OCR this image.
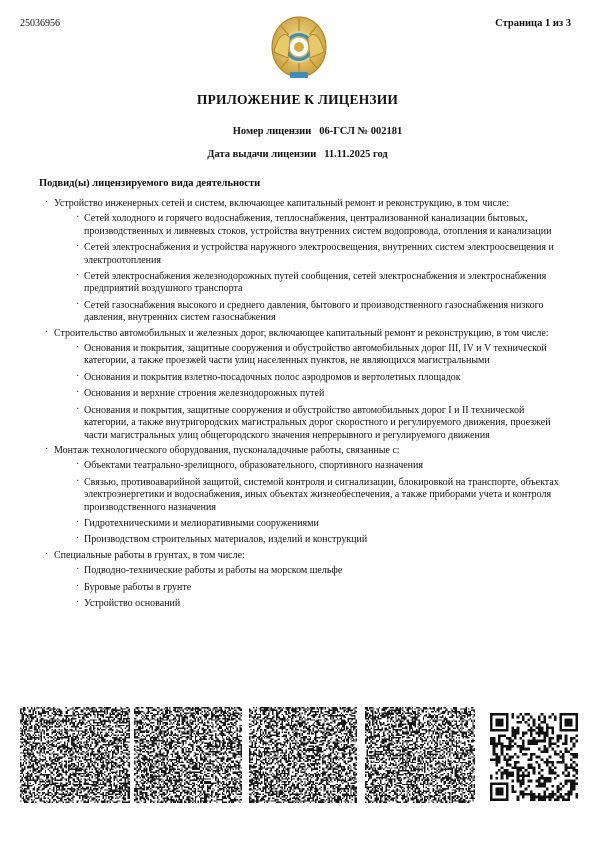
25036956	Страница 1 из 3
ПРИЛОЖЕНИЕ К ЛИЦЕНЗИИ
Номер лицензии 06-ГСЛ № 002181
Дата выдачи лицензии 11.11.2025 год
Подвид(ы) лицензируемого вида деятельности
· Устройство инженерных сетей и систем, включающее капитальный ремонт и реконструкцию, в том числе:
· Сетей холодного и горячего водоснабжения, теплоснабжения, централизованной канализации бытовых, производственных и ливневых стоков, устройства внутренних систем водопровода, отопления и канализации
· Сетей электроснабжения и устройства наружного электроосвещения, внутренних систем электроосвещения и электроотопления
· Сетей электроснабжения железнодорожных путей сообщения, сетей электроснабжения и электроснабжения предприятий воздушного транспорта
· Сетей газоснабжения высокого и среднего давления, бытового и производственного газоснабжения низкого давления, внутренних систем газоснабжения
· Строительство автомобильных и железных дорог, включающее капитальный ремонт и реконструкцию, в том числе:
· Основания и покрытия, защитные сооружения и обустройство автомобильных дорог III, IV и V технической категории, а также проезжей части улиц населенных пунктов, не являющихся магистральными
· Основания и покрытия взлетно-посадочных полос аэродромов и вертолетных площадок
· Основания и верхние строения железнодорожных путей
· Основания и покрытия, защитные сооружения и обустройство автомобильных дорог I и II технической категории, а также внутригородских магистральных дорог скоростного и регулируемого движения, проезжей части магистральных улиц общегородского значения непрерывного и регулируемого движения
· Монтаж технологического оборудования, пусконаладочные работы, связанные с:
· Объектами театрально-зрелищного, образовательного, спортивного назначения
· Связью, противоаварийной защитой, системой контроля и сигнализации, блокировкой на транспорте, объектах электроэнергетики и водоснабжения, иных объектах жизнеобеспечения, а также приборами учета и контроля производственного назначения
· Гидротехническими и мелиоративными сооружениями
· Производством строительных материалов, изделий и конструкций
· Специальные работы в грунтах, в том числе:
· Подводно-технические работы и работы на морском шельфе
· Буровые работы в грунте
· Устройство оснований
